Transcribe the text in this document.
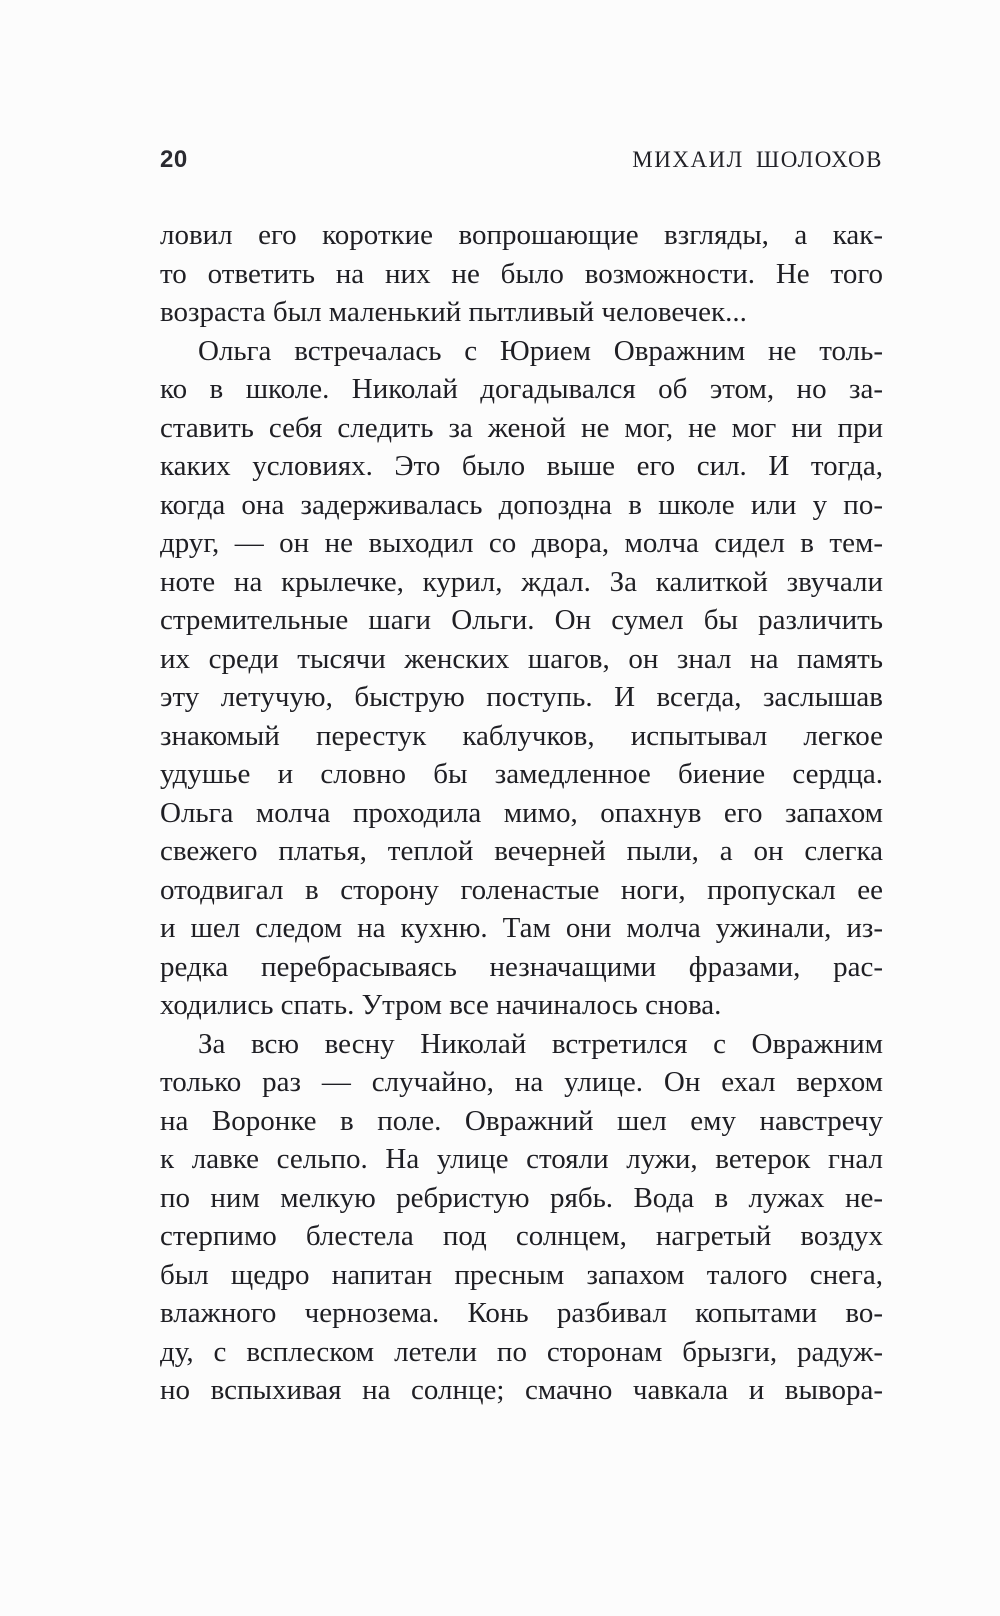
20	МИХАИЛ ШОЛОХОВ
ловил его короткие вопрошающие взгляды, а как-
то ответить на них не было возможности. Не того
возраста был маленький пытливый человечек...
Ольга встречалась с Юрием Овражним не толь-
ко в школе. Николай догадывался об этом, но за-
ставить себя следить за женой не мог, не мог ни при
каких условиях. Это было выше его сил. И тогда,
когда она задерживалась допоздна в школе или у по-
друг, — он не выходил со двора, молча сидел в тем-
ноте на крылечке, курил, ждал. За калиткой звучали
стремительные шаги Ольги. Он сумел бы различить
их среди тысячи женских шагов, он знал на память
эту летучую, быструю поступь. И всегда, заслышав
знакомый перестук каблучков, испытывал легкое
удушье и словно бы замедленное биение сердца.
Ольга молча проходила мимо, опахнув его запахом
свежего платья, теплой вечерней пыли, а он слегка
отодвигал в сторону голенастые ноги, пропускал ее
и шел следом на кухню. Там они молча ужинали, из-
редка перебрасываясь незначащими фразами, рас-
ходились спать. Утром все начиналось снова.
За всю весну Николай встретился с Овражним
только раз — случайно, на улице. Он ехал верхом
на Воронке в поле. Овражний шел ему навстречу
к лавке сельпо. На улице стояли лужи, ветерок гнал
по ним мелкую ребристую рябь. Вода в лужах не-
стерпимо блестела под солнцем, нагретый воздух
был щедро напитан пресным запахом талого снега,
влажного чернозема. Конь разбивал копытами во-
ду, с всплеском летели по сторонам брызги, радуж-
но вспыхивая на солнце; смачно чавкала и вывора-
